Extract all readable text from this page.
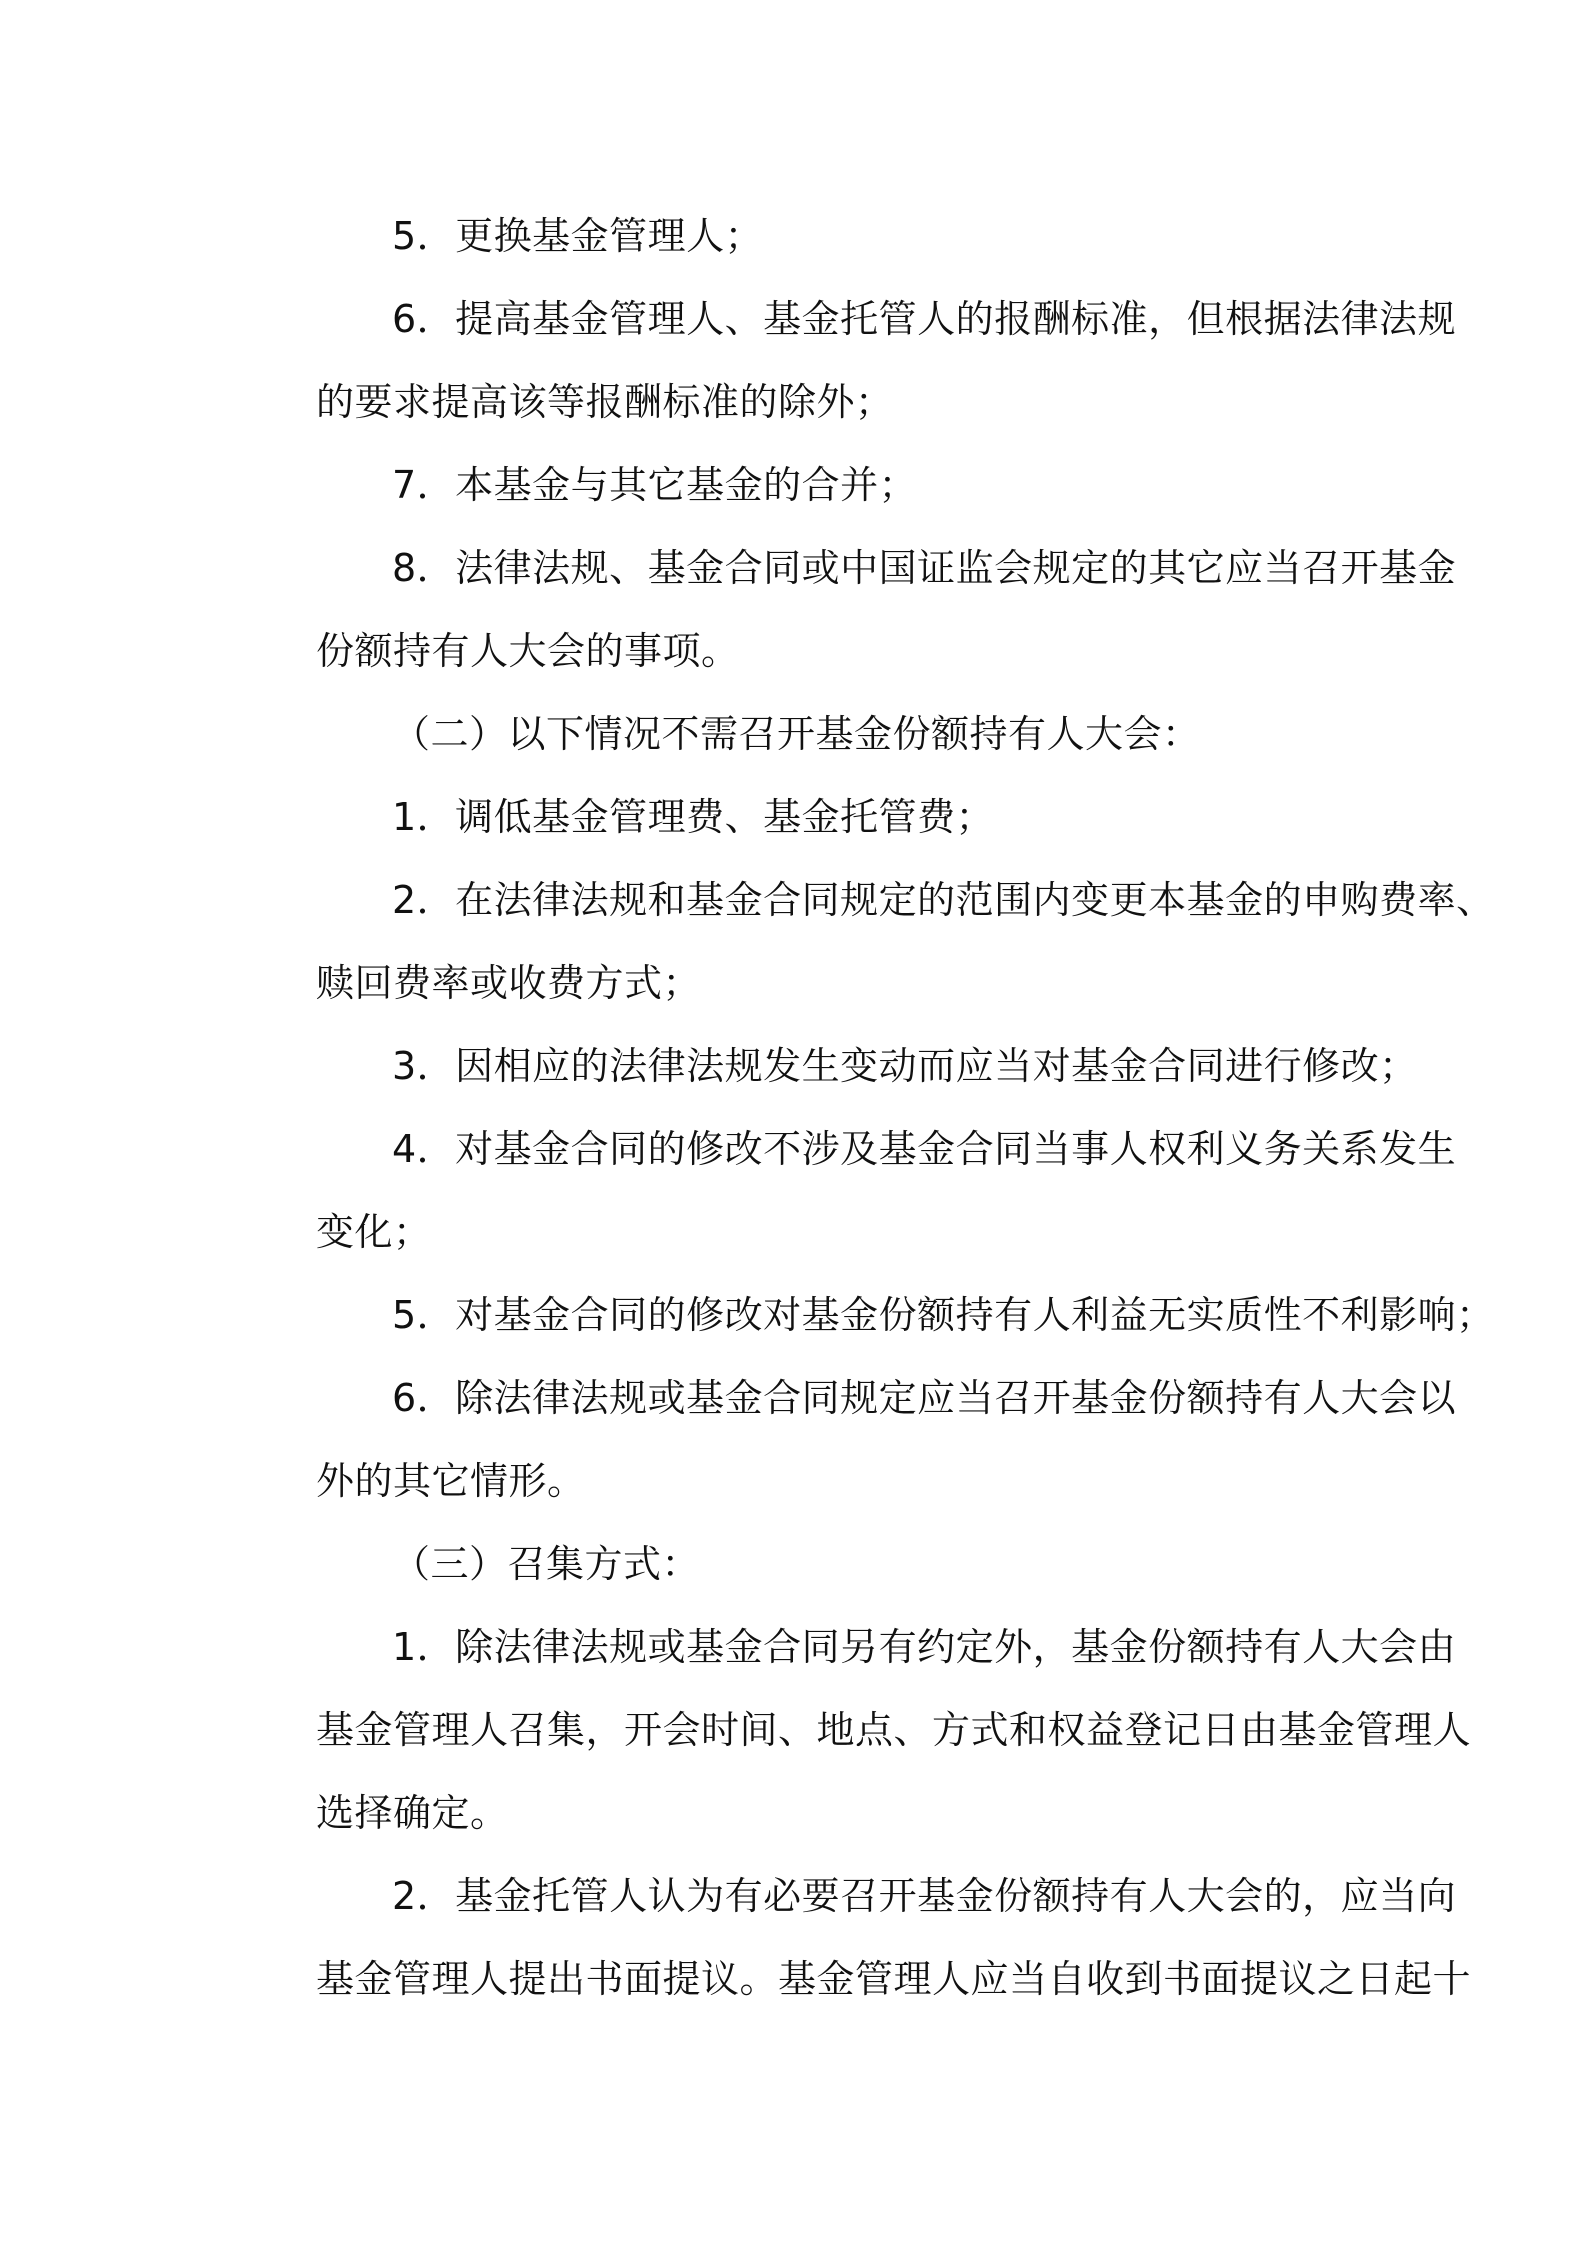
5．更换基金管理人；
6．提高基金管理人、基金托管人的报酬标准，但根据法律法规
的要求提高该等报酬标准的除外；
7．本基金与其它基金的合并；
8．法律法规、基金合同或中国证监会规定的其它应当召开基金
份额持有人大会的事项。
（二）以下情况不需召开基金份额持有人大会：
1．调低基金管理费、基金托管费；
2．在法律法规和基金合同规定的范围内变更本基金的申购费率、
赎回费率或收费方式；
3．因相应的法律法规发生变动而应当对基金合同进行修改；
4．对基金合同的修改不涉及基金合同当事人权利义务关系发生
变化；
5．对基金合同的修改对基金份额持有人利益无实质性不利影响；
6．除法律法规或基金合同规定应当召开基金份额持有人大会以
外的其它情形。
（三）召集方式：
1．除法律法规或基金合同另有约定外，基金份额持有人大会由
基金管理人召集，开会时间、地点、方式和权益登记日由基金管理人
选择确定。
2．基金托管人认为有必要召开基金份额持有人大会的，应当向
基金管理人提出书面提议。基金管理人应当自收到书面提议之日起十
